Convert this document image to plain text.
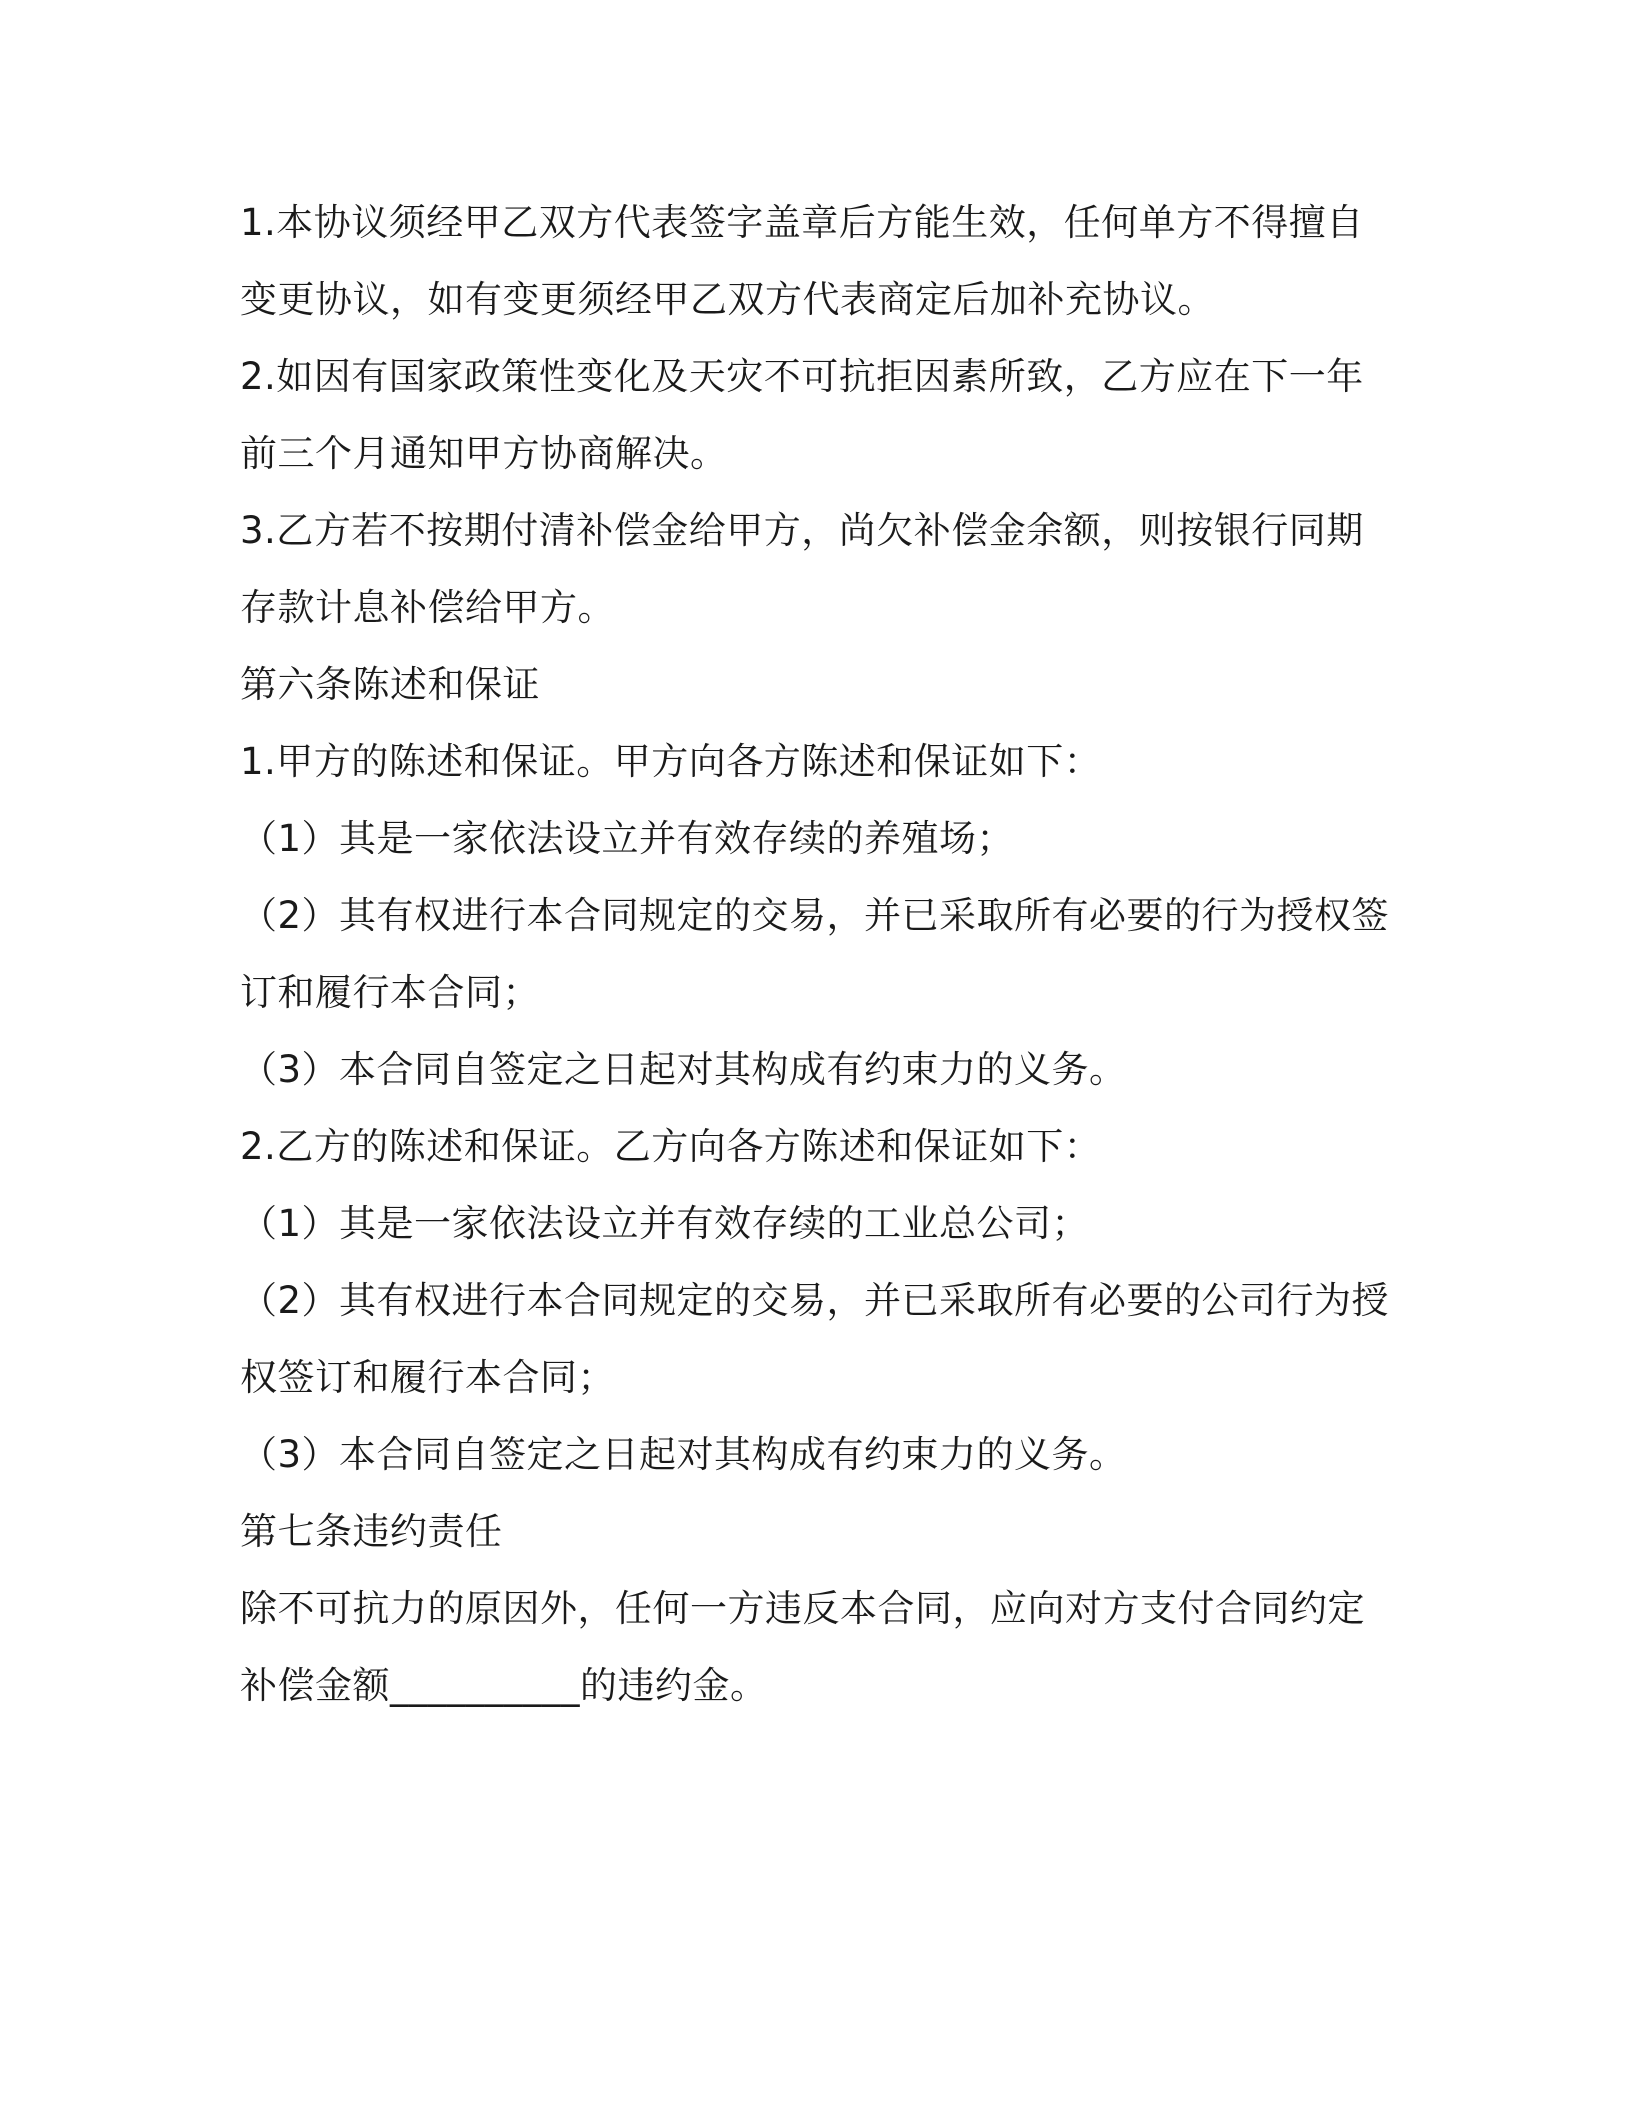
1.本协议须经甲乙双方代表签字盖章后方能生效，任何单方不得擅自
变更协议，如有变更须经甲乙双方代表商定后加补充协议。
2.如因有国家政策性变化及天灾不可抗拒因素所致，乙方应在下一年
前三个月通知甲方协商解决。
3.乙方若不按期付清补偿金给甲方，尚欠补偿金余额，则按银行同期
存款计息补偿给甲方。
第六条陈述和保证
1.甲方的陈述和保证。甲方向各方陈述和保证如下：
（1）其是一家依法设立并有效存续的养殖场；
（2）其有权进行本合同规定的交易，并已采取所有必要的行为授权签
订和履行本合同；
（3）本合同自签定之日起对其构成有约束力的义务。
2.乙方的陈述和保证。乙方向各方陈述和保证如下：
（1）其是一家依法设立并有效存续的工业总公司；
（2）其有权进行本合同规定的交易，并已采取所有必要的公司行为授
权签订和履行本合同；
（3）本合同自签定之日起对其构成有约束力的义务。
第七条违约责任
除不可抗力的原因外，任何一方违反本合同，应向对方支付合同约定
补偿金额__________的违约金。
